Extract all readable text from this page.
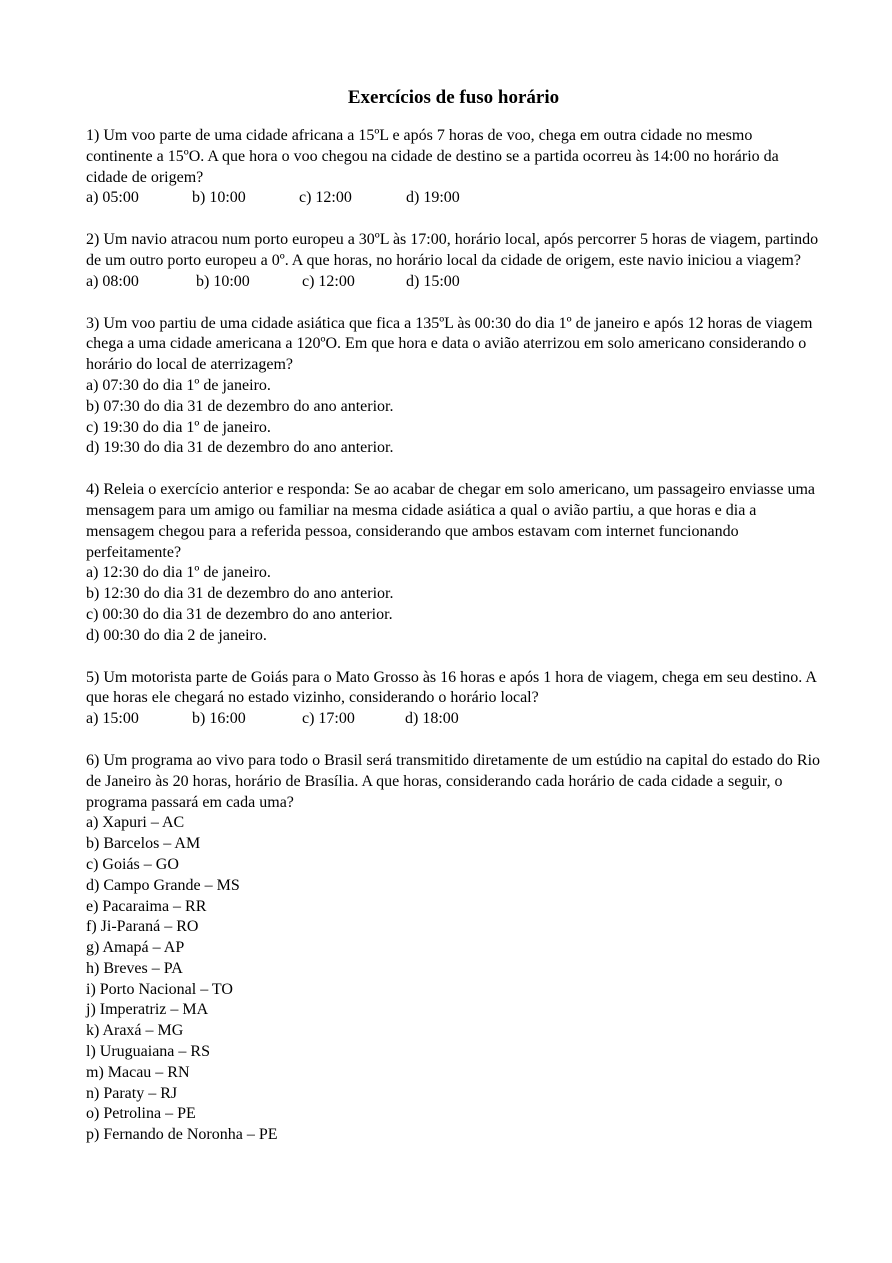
Exercícios de fuso horário

1) Um voo parte de uma cidade africana a 15ºL e após 7 horas de voo, chega em outra cidade no mesmo continente a 15ºO. A que hora o voo chegou na cidade de destino se a partida ocorreu às 14:00 no horário da cidade de origem?

a) 05:00	b) 10:00	c) 12:00	d) 19:00

2) Um navio atracou num porto europeu a 30ºL às 17:00, horário local, após percorrer 5 horas de viagem, partindo de um outro porto europeu a 0º. A que horas, no horário local da cidade de origem, este navio iniciou a viagem?

a) 08:00	b) 10:00	c) 12:00	d) 15:00

3) Um voo partiu de uma cidade asiática que fica a 135ºL às 00:30 do dia 1º de janeiro e após 12 horas de viagem chega a uma cidade americana a 120ºO. Em que hora e data o avião aterrizou em solo americano considerando o horário do local de aterrizagem?

a) 07:30 do dia 1º de janeiro.
b) 07:30 do dia 31 de dezembro do ano anterior.
c) 19:30 do dia 1º de janeiro.
d) 19:30 do dia 31 de dezembro do ano anterior.

4) Releia o exercício anterior e responda: Se ao acabar de chegar em solo americano, um passageiro enviasse uma mensagem para um amigo ou familiar na mesma cidade asiática a qual o avião partiu, a que horas e dia a mensagem chegou para a referida pessoa, considerando que ambos estavam com internet funcionando perfeitamente?

a) 12:30 do dia 1º de janeiro.
b) 12:30 do dia 31 de dezembro do ano anterior.
c) 00:30 do dia 31 de dezembro do ano anterior.
d) 00:30 do dia 2 de janeiro.

5) Um motorista parte de Goiás para o Mato Grosso às 16 horas e após 1 hora de viagem, chega em seu destino. A que horas ele chegará no estado vizinho, considerando o horário local?

a) 15:00	b) 16:00	c) 17:00	d) 18:00

6) Um programa ao vivo para todo o Brasil será transmitido diretamente de um estúdio na capital do estado do Rio de Janeiro às 20 horas, horário de Brasília. A que horas, considerando cada horário de cada cidade a seguir, o programa passará em cada uma?

a) Xapuri – AC
b) Barcelos – AM
c) Goiás – GO
d) Campo Grande – MS
e) Pacaraima – RR
f) Ji-Paraná – RO
g) Amapá – AP
h) Breves – PA
i) Porto Nacional – TO
j) Imperatriz – MA
k) Araxá – MG
l) Uruguaiana – RS
m) Macau – RN
n) Paraty – RJ
o) Petrolina – PE
p) Fernando de Noronha – PE
